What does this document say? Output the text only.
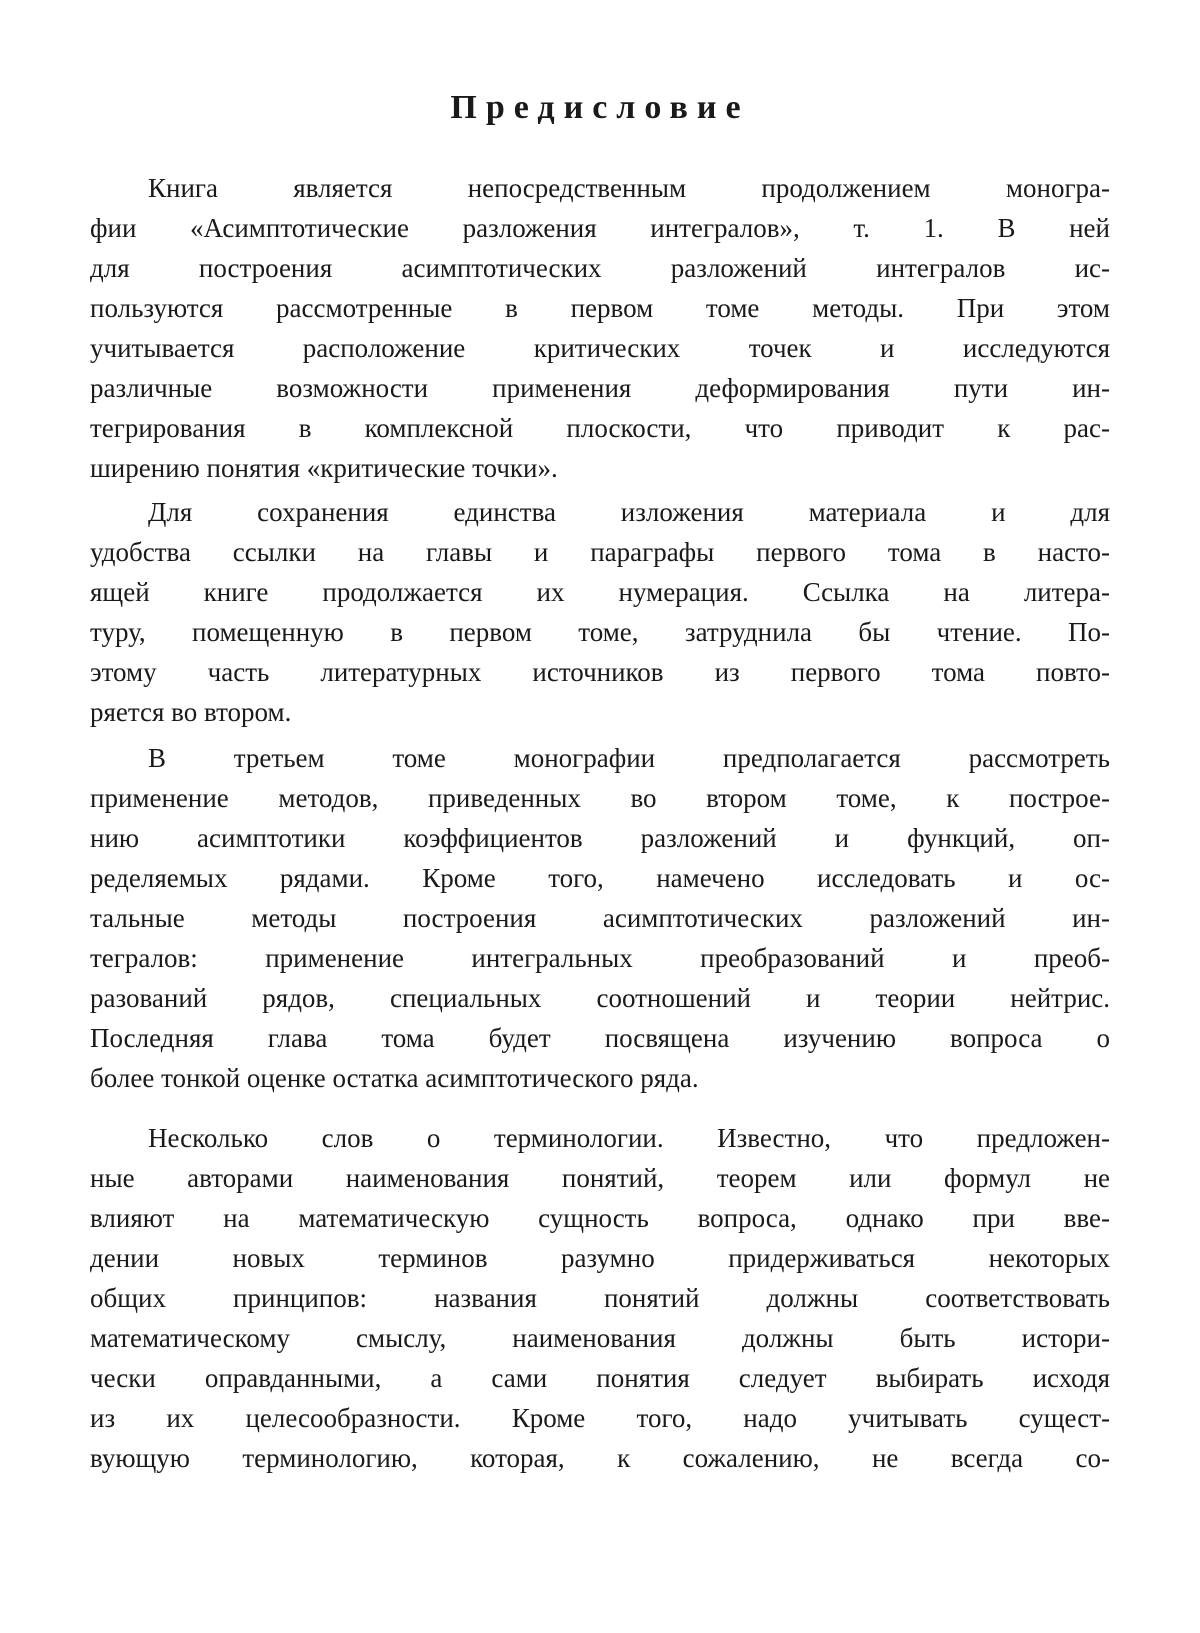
Предисловие
Книга является непосредственным продолжением моногра-
фии «Асимптотические разложения интегралов», т. 1. В ней
для построения асимптотических разложений интегралов ис-
пользуются рассмотренные в первом томе методы. При этом
учитывается расположение критических точек и исследуются
различные возможности применения деформирования пути ин-
тегрирования в комплексной плоскости, что приводит к рас-
ширению понятия «критические точки».
Для сохранения единства изложения материала и для
удобства ссылки на главы и параграфы первого тома в насто-
ящей книге продолжается их нумерация. Ссылка на литера-
туру, помещенную в первом томе, затруднила бы чтение. По-
этому часть литературных источников из первого тома повто-
ряется во втором.
В третьем томе монографии предполагается рассмотреть
применение методов, приведенных во втором томе, к построе-
нию асимптотики коэффициентов разложений и функций, оп-
ределяемых рядами. Кроме того, намечено исследовать и ос-
тальные методы построения асимптотических разложений ин-
тегралов: применение интегральных преобразований и преоб-
разований рядов, специальных соотношений и теории нейтрис.
Последняя глава тома будет посвящена изучению вопроса о
более тонкой оценке остатка асимптотического ряда.
Несколько слов о терминологии. Известно, что предложен-
ные авторами наименования понятий, теорем или формул не
влияют на математическую сущность вопроса, однако при вве-
дении новых терминов разумно придерживаться некоторых
общих принципов: названия понятий должны соответствовать
математическому смыслу, наименования должны быть истори-
чески оправданными, а сами понятия следует выбирать исходя
из их целесообразности. Кроме того, надо учитывать сущест-
вующую терминологию, которая, к сожалению, не всегда со-
